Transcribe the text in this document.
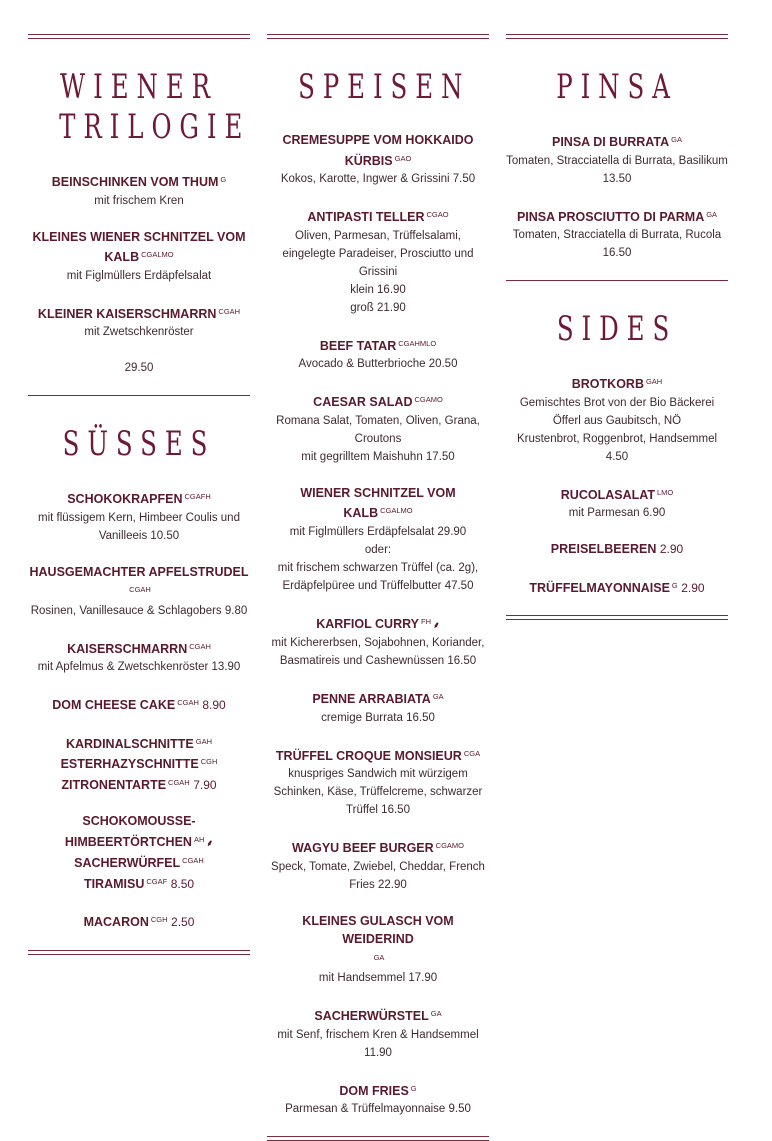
WIENER
TRILOGIE
BEINSCHINKEN VOM THUM $^G$
mit frischem Kren
KLEINES WIENER SCHNITZEL VOM KALB $^{CGALMO}$
mit Figlmüllers Erdäpfelsalat
KLEINER KAISERSCHMARRN $^{CGAH}$
mit Zwetschkenröster
29.50
SÜSSES
SCHOKOKRAPFEN $^{CGAFH}$
mit flüssigem Kern, Himbeer Coulis und Vanilleeis 10.50
HAUSGEMACHTER APFELSTRUDEL
$^{CGAH}$
Rosinen, Vanillesauce & Schlagobers 9.80
KAISERSCHMARRN $^{CGAH}$
mit Apfelmus & Zwetschkenröster 13.90
DOM CHEESE CAKE $^{CGAH}$ 8.90
KARDINALSCHNITTE $^{GAH}$
ESTERHAZYSCHNITTE $^{CGH}$
ZITRONENTARTE $^{CGAH}$ 7.90
SCHOKOMOUSSE-HIMBEERTÖRTCHEN $^{AH}$ ⸙
SACHERWÜRFEL $^{CGAH}$
TIRAMISU $^{CGAF}$ 8.50
MACARON $^{CGH}$ 2.50
SPEISEN
CREMESUPPE VOM HOKKAIDO KÜRBIS $^{GAO}$
Kokos, Karotte, Ingwer & Grissini 7.50
ANTIPASTI TELLER $^{CGAO}$
Oliven, Parmesan, Trüffelsalami, eingelegte Paradeiser, Prosciutto und Grissini
klein 16.90
groß 21.90
BEEF TATAR $^{CGAHMLO}$
Avocado & Butterbrioche 20.50
CAESAR SALAD $^{CGAMO}$
Romana Salat, Tomaten, Oliven, Grana, Croutons
mit gegrilltem Maishuhn 17.50
WIENER SCHNITZEL VOM KALB $^{CGALMO}$
mit Figlmüllers Erdäpfelsalat 29.90
oder:
mit frischem schwarzen Trüffel (ca. 2g), Erdäpfelpüree und Trüffelbutter 47.50
KARFIOL CURRY $^{FH}$ ⸙
mit Kichererbsen, Sojabohnen, Koriander, Basmatireis und Cashewnüssen 16.50
PENNE ARRABIATA $^{GA}$
cremige Burrata 16.50
TRÜFFEL CROQUE MONSIEUR $^{CGA}$
knuspriges Sandwich mit würzigem Schinken, Käse, Trüffelcreme, schwarzer Trüffel 16.50
WAGYU BEEF BURGER $^{CGAMO}$
Speck, Tomate, Zwiebel, Cheddar, French Fries 22.90
KLEINES GULASCH VOM WEIDERIND
$^{GA}$
mit Handsemmel 17.90
SACHERWÜRSTEL $^{GA}$
mit Senf, frischem Kren & Handsemmel 11.90
DOM FRIES $^G$
Parmesan & Trüffelmayonnaise 9.50
PINSA
PINSA DI BURRATA $^{GA}$
Tomaten, Stracciatella di Burrata, Basilikum
13.50
PINSA PROSCIUTTO DI PARMA $^{GA}$
Tomaten, Stracciatella di Burrata, Rucola
16.50
SIDES
BROTKORB $^{GAH}$
Gemischtes Brot von der Bio Bäckerei Öfferl aus Gaubitsch, NÖ
Krustenbrot, Roggenbrot, Handsemmel 4.50
RUCOLASALAT $^{LMO}$
mit Parmesan 6.90
PREISELBEEREN 2.90
TRÜFFELMAYONNAISE $^G$ 2.90
